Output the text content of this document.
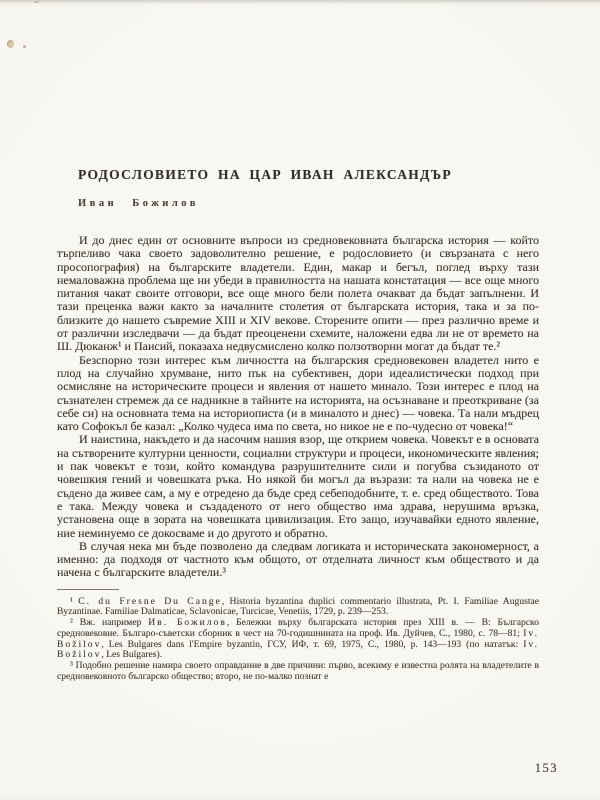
РОДОСЛОВИЕТО НА ЦАР ИВАН АЛЕКСАНДЪР
Иван Божилов

И до днес един от основните въпроси из средновековната българска история — който търпеливо чака своето задоволително решение, е родословието (и свързаната с него просопография) на българските владетели. Един, макар и бегъл, поглед върху тази немаловажна проблема ще ни убеди в правилността на нашата констатация — все още много питания чакат своите отговори, все още много бели полета очакват да бъдат запълнени. И тази преценка важи както за началните столетия от българската история, така и за по-близките до нашето съвремие XIII и XIV векове. Сторените опити — през различно време и от различни изследвачи — да бъдат преоценени схемите, наложени едва ли не от времето на Ш. Дюканж¹ и Паисий, показаха недвусмислено колко ползотворни могат да бъдат те.²

Безспорно този интерес към личността на българския средновековен владетел нито е плод на случайно хрумване, нито пък на субективен, дори идеалистически подход при осмисляне на историческите процеси и явления от нашето минало. Този интерес е плод на съзнателен стремеж да се надникне в тайните на историята, на осъзнаване и преоткриване (за себе си) на основната тема на историописта (и в миналото и днес) — човека. Та нали мъдрец като Софокъл бе казал: „Колко чудеса има по света, но никое не е по-чудесно от човека!“

И наистина, накъдето и да насочим нашия взор, ще открием човека. Човекът е в основата на сътворените културни ценности, социални структури и процеси, икономическите явления; и пак човекът е този, който командува разрушителните сили и погубва съзиданото от човешкия гений и човешката ръка. Но някой би могъл да възрази: та нали на човека не е съдено да живее сам, а му е отредено да бъде сред себеподобните, т. е. сред обществото. Това е така. Между човека и създаденото от него общество има здрава, нерушима връзка, установена още в зората на човешката цивилизация. Ето защо, изучавайки едното явление, ние неминуемо се докосваме и до другото и обратно.

В случая нека ми бъде позволено да следвам логиката и историческата закономерност, а именно: да подходя от частното към общото, от отделната личност към обществото и да начена с българските владетели.³

¹ C. du Fresne Du Cange, Historia byzantina duplici commentario illustrata, Pt. I. Familiae Augustae Byzantinae. Familiae Dalmaticae, Sclavonicae, Turcicae, Venetiis, 1729, p. 239—253.

² Вж. например Ив. Божилов, Бележки върху българската история през XIII в. — В: Българско средновековие. Българо-съветски сборник в чест на 70-годишнината на проф. Ив. Дуйчев, С., 1980, с. 78—81; Iv. Božilov, Les Bulgares dans l'Empire byzantin, ГСУ, ИФ, т. 69, 1975, С., 1980, p. 143—193 (по нататък: Iv. Božilov, Les Bulgares).

³ Подобно решение намира своето оправдание в две причини: първо, всекиму е известна ролята на владетелите в средновековното българско общество; второ, не по-малко познат е

153
